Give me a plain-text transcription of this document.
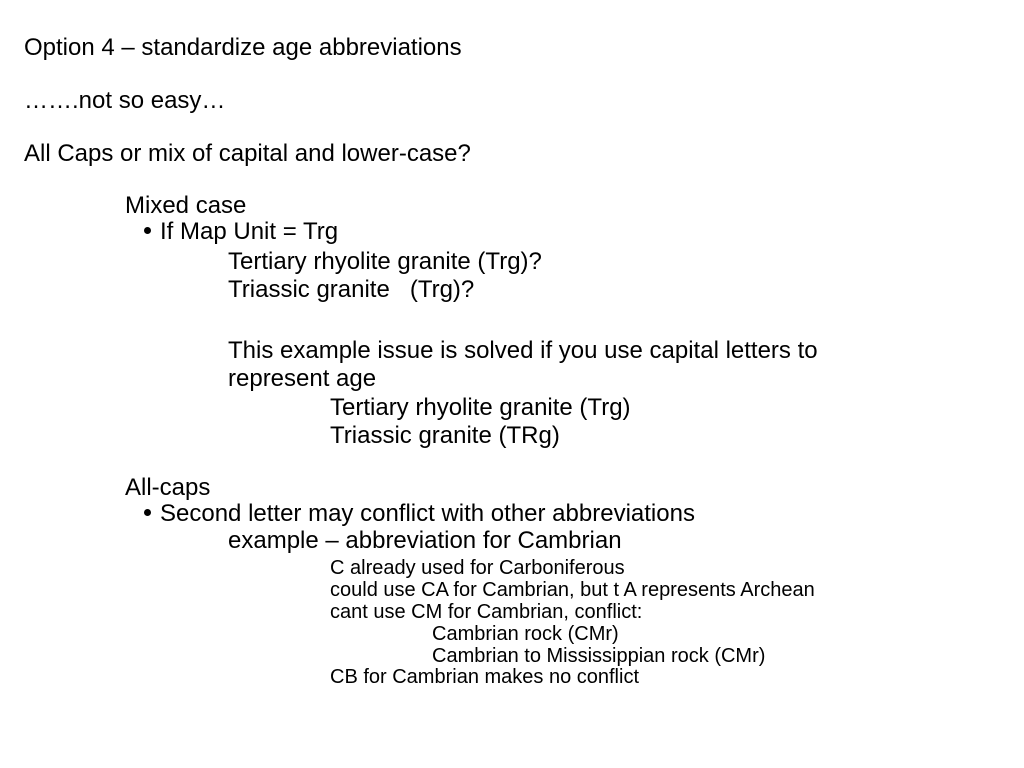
Option 4 – standardize age abbreviations
…….not so easy…
All Caps or mix of capital and lower-case?
Mixed case
If Map Unit = Trg
Tertiary rhyolite granite (Trg)?
Triassic granite   (Trg)?
This example issue is solved if you use capital letters to
represent age
Tertiary rhyolite granite (Trg)
Triassic granite (TRg)
All-caps
Second letter may conflict with other abbreviations
example – abbreviation for Cambrian
C already used for Carboniferous
could use CA for Cambrian, but t A represents Archean
cant use CM for Cambrian, conflict:
Cambrian rock (CMr)
Cambrian to Mississippian rock (CMr)
CB for Cambrian makes no conflict
